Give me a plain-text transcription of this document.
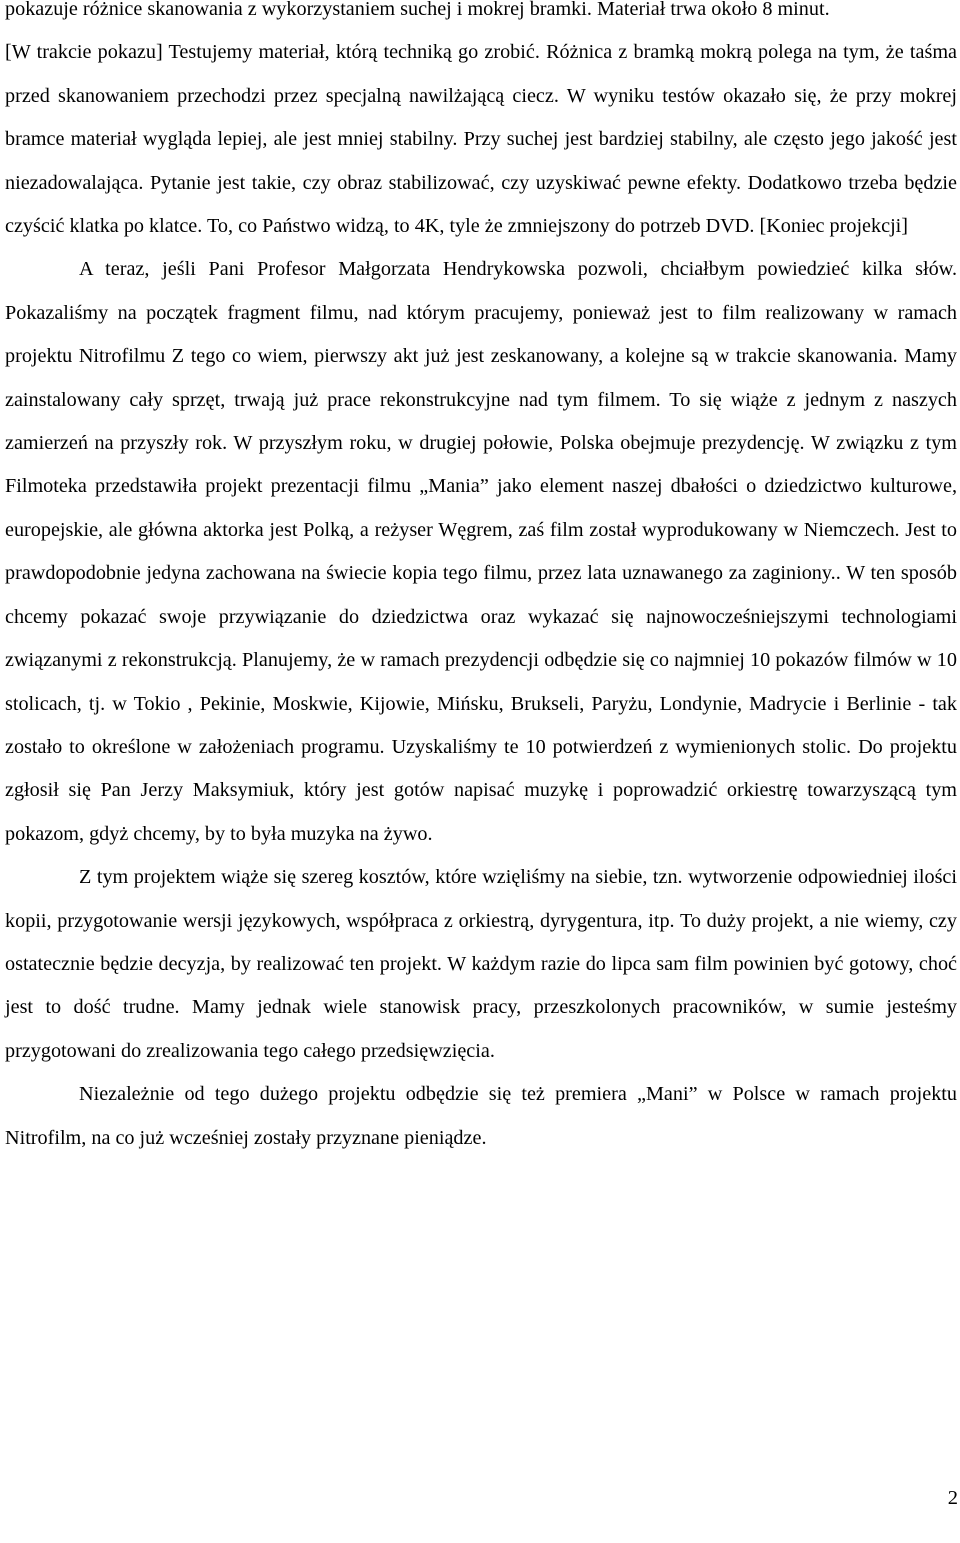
pokazuje różnice skanowania z wykorzystaniem suchej i mokrej bramki. Materiał trwa około 8 minut.

[W trakcie pokazu] Testujemy materiał, którą techniką go zrobić. Różnica z bramką mokrą polega na tym, że taśma przed skanowaniem przechodzi przez specjalną nawilżającą ciecz. W wyniku testów okazało się, że przy mokrej bramce materiał wygląda lepiej, ale jest mniej stabilny. Przy suchej jest bardziej stabilny, ale często jego jakość jest niezadowalająca. Pytanie jest takie, czy obraz stabilizować, czy uzyskiwać pewne efekty. Dodatkowo trzeba będzie czyścić klatka po klatce. To, co Państwo widzą, to 4K, tyle że zmniejszony do potrzeb DVD. [Koniec projekcji]

A teraz, jeśli Pani Profesor Małgorzata Hendrykowska pozwoli, chciałbym powiedzieć kilka słów. Pokazaliśmy na początek fragment filmu, nad którym pracujemy, ponieważ jest to film realizowany w ramach projektu Nitrofilmu Z tego co wiem, pierwszy akt już jest zeskanowany, a kolejne są w trakcie skanowania. Mamy zainstalowany cały sprzęt, trwają już prace rekonstrukcyjne nad tym filmem. To się wiąże z jednym z naszych zamierzeń na przyszły rok. W przyszłym roku, w drugiej połowie, Polska obejmuje prezydencję. W związku z tym Filmoteka przedstawiła projekt prezentacji filmu „Mania” jako element naszej dbałości o dziedzictwo kulturowe, europejskie, ale główna aktorka jest Polką, a reżyser Węgrem, zaś film został wyprodukowany w Niemczech. Jest to prawdopodobnie jedyna zachowana na świecie kopia tego filmu, przez lata uznawanego za zaginiony.. W ten sposób chcemy pokazać swoje przywiązanie do dziedzictwa oraz wykazać się najnowocześniejszymi technologiami związanymi z rekonstrukcją. Planujemy, że w ramach prezydencji odbędzie się co najmniej 10 pokazów filmów w 10 stolicach, tj. w Tokio , Pekinie, Moskwie, Kijowie, Mińsku, Brukseli, Paryżu, Londynie, Madrycie i Berlinie - tak zostało to określone w założeniach programu. Uzyskaliśmy te 10 potwierdzeń z wymienionych stolic. Do projektu zgłosił się Pan Jerzy Maksymiuk, który jest gotów napisać muzykę i poprowadzić orkiestrę towarzyszącą tym pokazom, gdyż chcemy, by to była muzyka na żywo.

Z tym projektem wiąże się szereg kosztów, które wzięliśmy na siebie, tzn. wytworzenie odpowiedniej ilości kopii, przygotowanie wersji językowych, współpraca z orkiestrą, dyrygentura, itp. To duży projekt, a nie wiemy, czy ostatecznie będzie decyzja, by realizować ten projekt. W każdym razie do lipca sam film powinien być gotowy, choć jest to dość trudne. Mamy jednak wiele stanowisk pracy, przeszkolonych pracowników, w sumie jesteśmy przygotowani do zrealizowania tego całego przedsięwzięcia.

Niezależnie od tego dużego projektu odbędzie się też premiera „Mani” w Polsce w ramach projektu Nitrofilm, na co już wcześniej zostały przyznane pieniądze.

2
